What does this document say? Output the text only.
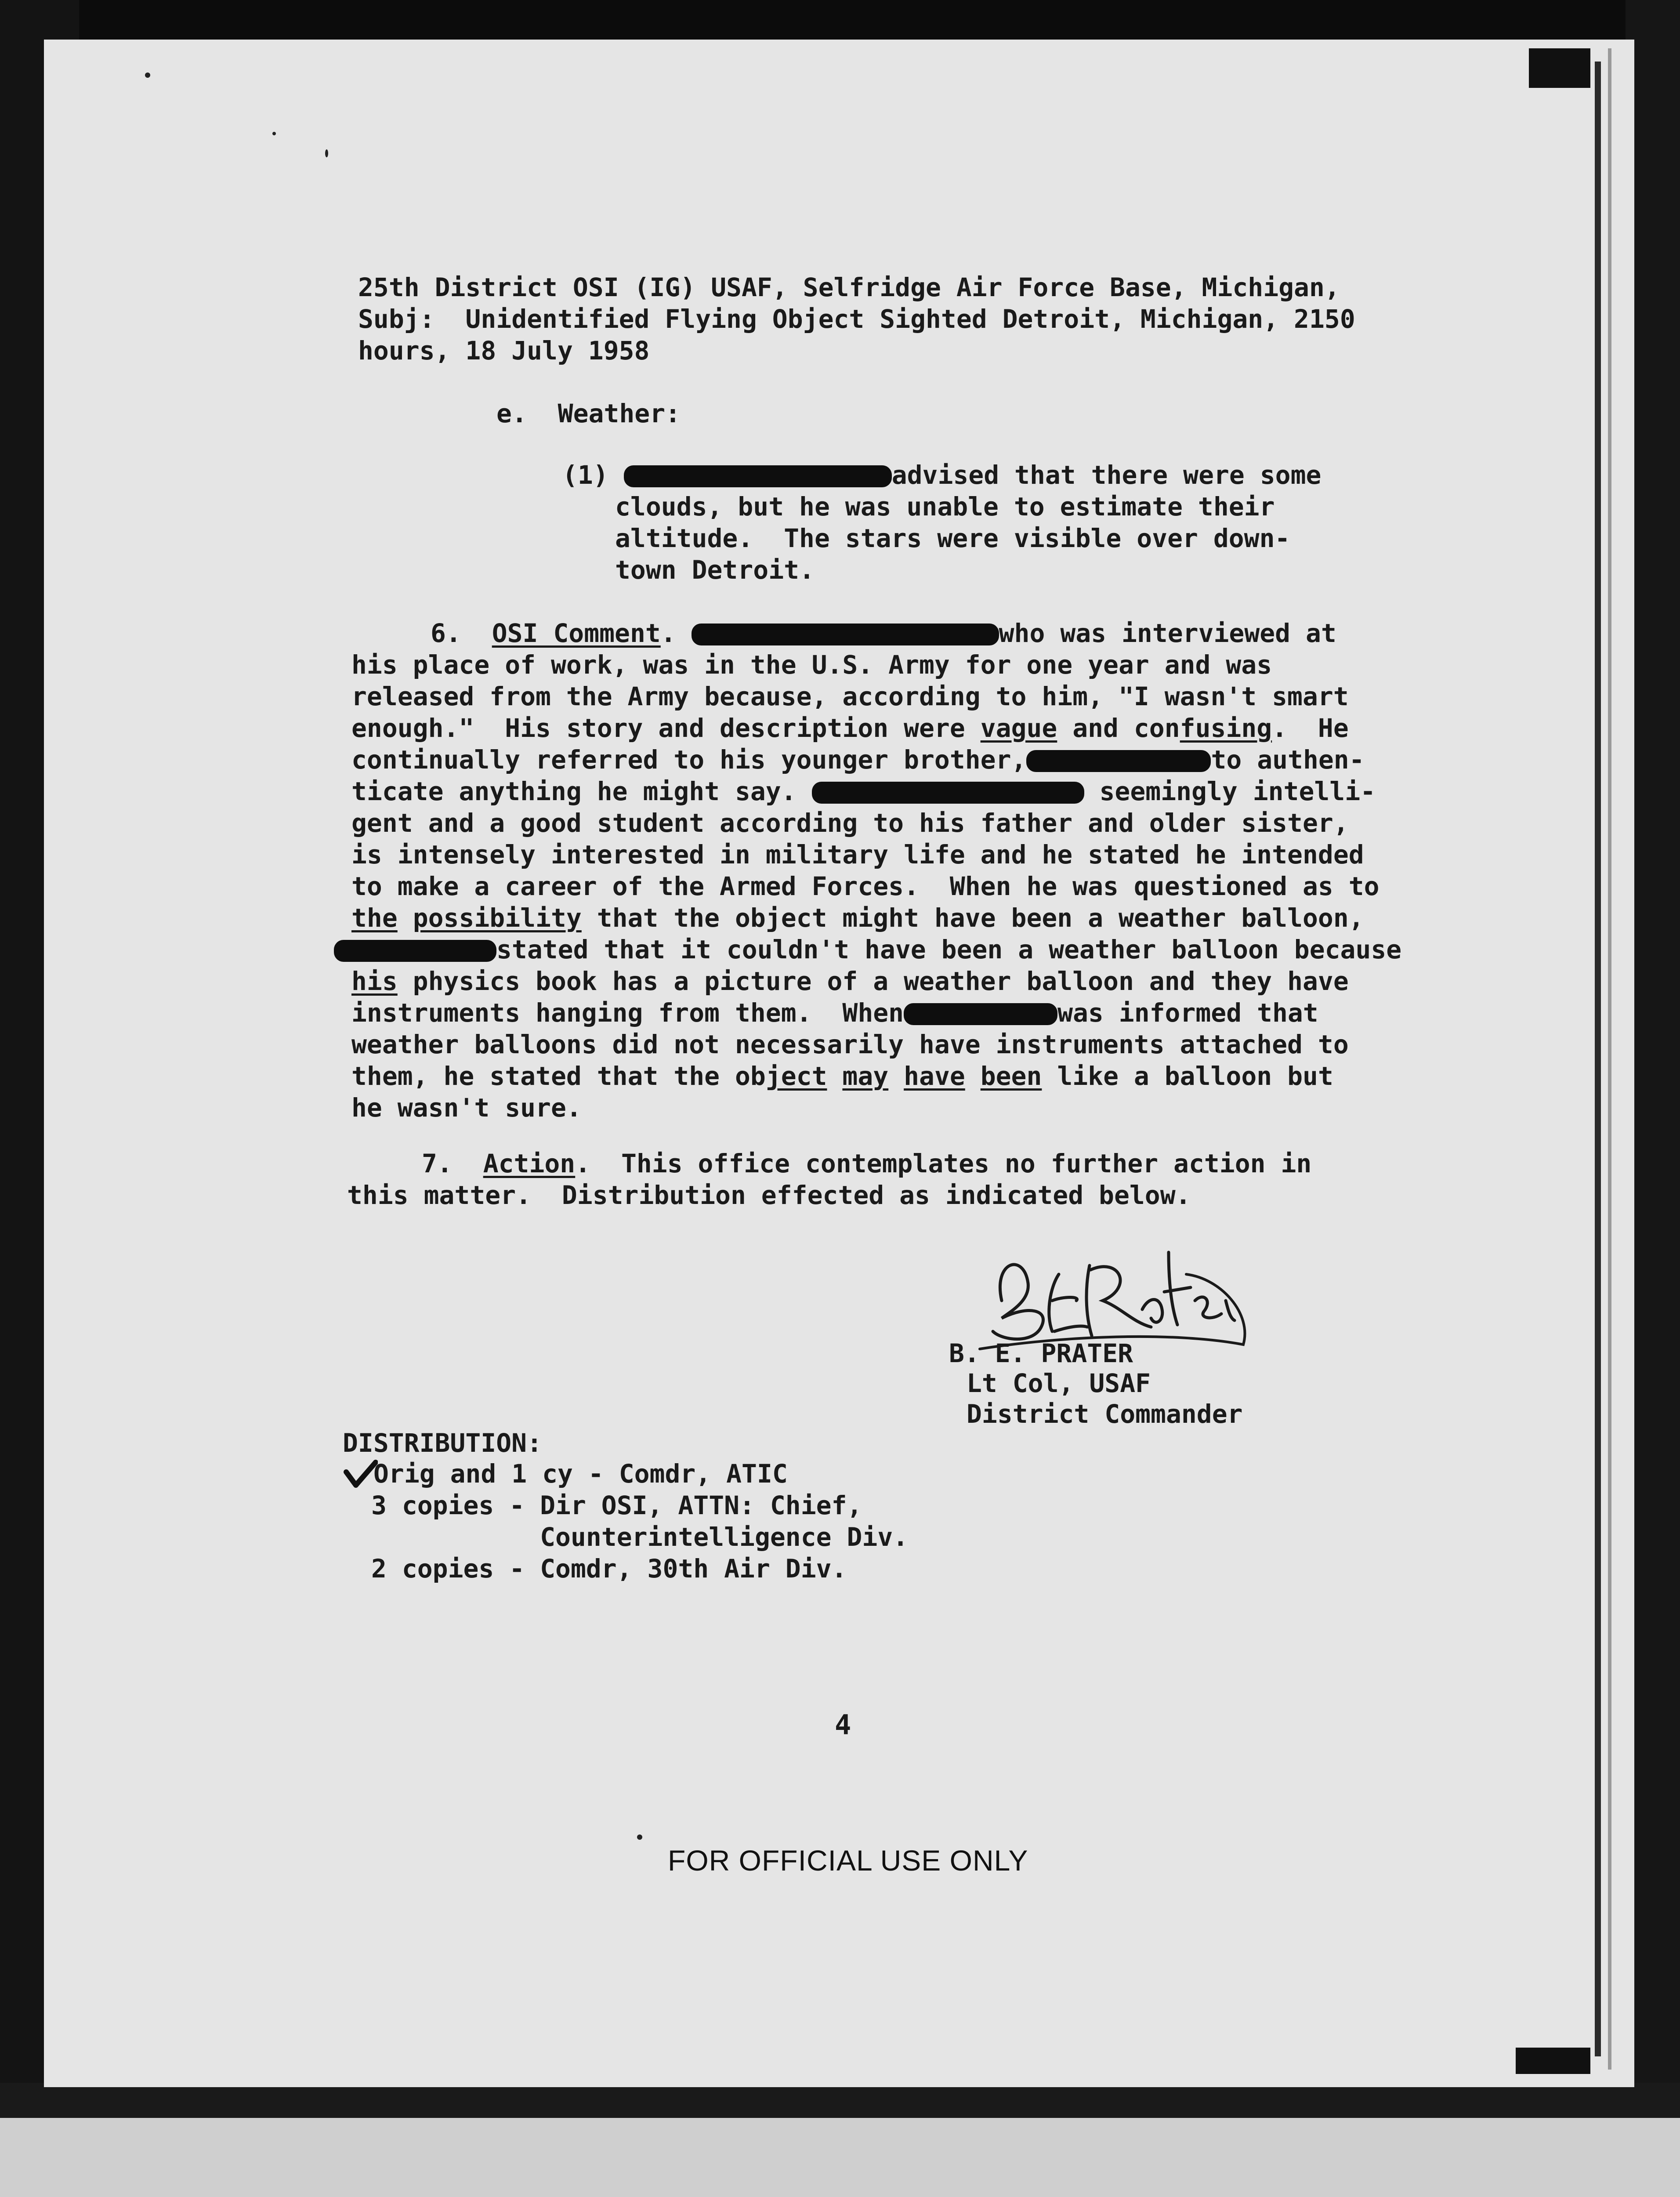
25th District OSI (IG) USAF, Selfridge Air Force Base, Michigan,
Subj:  Unidentified Flying Object Sighted Detroit, Michigan, 2150
hours, 18 July 1958
e.  Weather:
(1)	advised that there were some
clouds, but he was unable to estimate their
altitude.  The stars were visible over down-
town Detroit.
6. OSI Comment.	who was interviewed at
his place of work, was in the U.S. Army for one year and was
released from the Army because, according to him, "I wasn't smart
enough."  His story and description were vague and confusing.  He
continually referred to his younger brother,	to authen-
ticate anything he might say.	seemingly intelli-
gent and a good student according to his father and older sister,
is intensely interested in military life and he stated he intended
to make a career of the Armed Forces.  When he was questioned as to
the possibility that the object might have been a weather balloon,
stated that it couldn't have been a weather balloon because
his physics book has a picture of a weather balloon and they have
instruments hanging from them.  When	was informed that
weather balloons did not necessarily have instruments attached to
them, he stated that the object may have been like a balloon but
he wasn't sure.
7. Action.  This office contemplates no further action in
this matter.  Distribution effected as indicated below.
B. E. PRATER
Lt Col, USAF
District Commander
DISTRIBUTION:
Orig and 1 cy - Comdr, ATIC
3 copies - Dir OSI, ATTN: Chief,
Counterintelligence Div.
2 copies - Comdr, 30th Air Div.
4
FOR OFFICIAL USE ONLY
